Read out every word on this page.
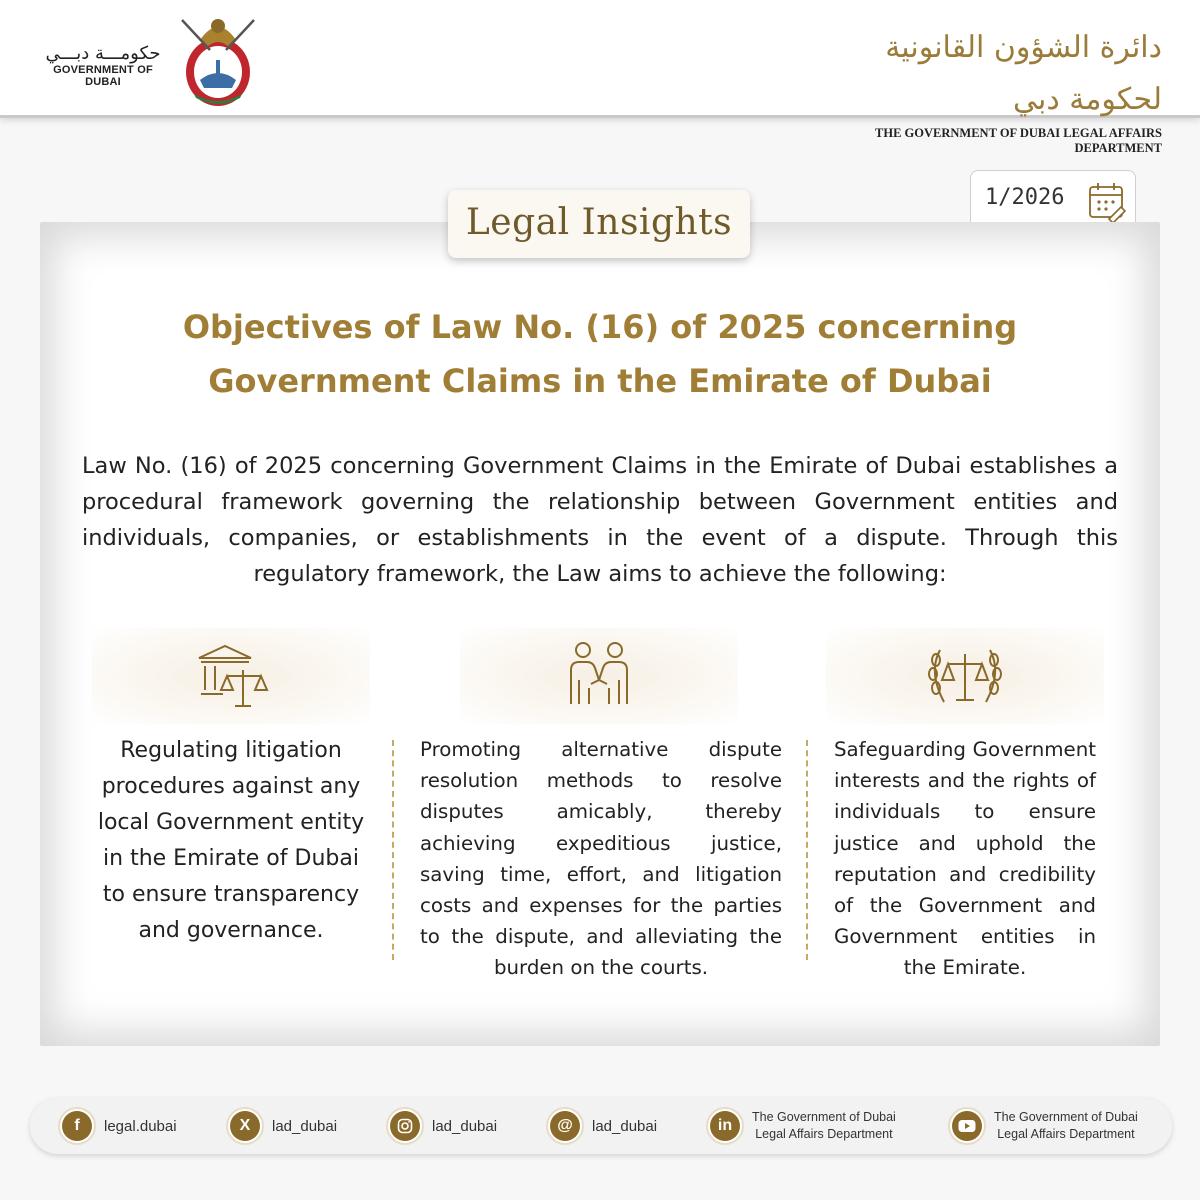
حكومـــة دبـــي
GOVERNMENT OF DUBAI
دائرة الشؤون القانونية لحكومة دبي
THE GOVERNMENT OF DUBAI LEGAL AFFAIRS DEPARTMENT
1/2026
Legal Insights
Objectives of Law No. (16) of 2025 concerning
Government Claims in the Emirate of Dubai
Law No. (16) of 2025 concerning Government Claims in the Emirate of Dubai establishes a procedural framework governing the relationship between Government entities and individuals, companies, or establishments in the event of a dispute. Through this regulatory framework, the Law aims to achieve the following:
Regulating litigation procedures against any local Government entity in the Emirate of Dubai to ensure transparency and governance.
Promoting alternative dispute resolution methods to resolve disputes amicably, thereby achieving expeditious justice, saving time, effort, and litigation costs and expenses for the parties to the dispute, and alleviating the burden on the courts.
Safeguarding Government interests and the rights of individuals to ensure justice and uphold the reputation and credibility of the Government and Government entities in the Emirate.
f	legal.dubai	X	lad_dubai	lad_dubai	@	lad_dubai	in	The Government of Dubai
Legal Affairs Department
The Government of Dubai
Legal Affairs Department
